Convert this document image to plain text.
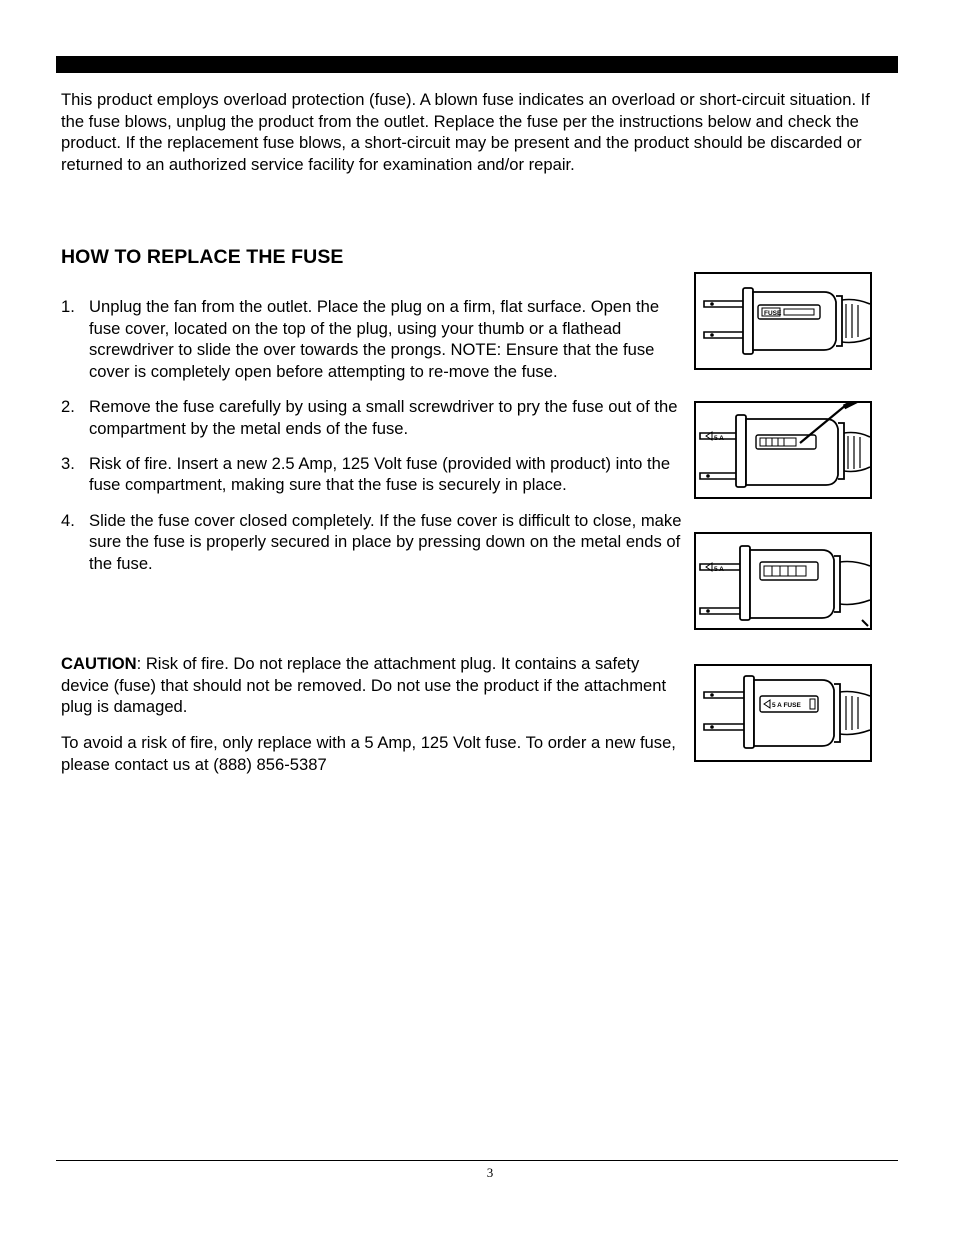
This product employs overload protection (fuse). A blown fuse indicates an overload or short-circuit situation. If the fuse blows, unplug the product from the outlet. Replace the fuse per the instructions below and check the product. If the replacement fuse blows, a short-circuit may be present and the product should be discarded or returned to an authorized service facility for examination and/or repair.

HOW TO REPLACE THE FUSE
1. Unplug the fan from the outlet. Place the plug on a firm, flat surface. Open the fuse cover, located on the top of the plug, using your thumb or a flathead screwdriver to slide the over towards the prongs. NOTE: Ensure that the fuse cover is completely open before attempting to re-move the fuse.
2. Remove the fuse carefully by using a small screwdriver to pry the fuse out of the compartment by the metal ends of the fuse.
3. Risk of fire. Insert a new 2.5 Amp, 125 Volt fuse (provided with product) into the fuse compartment, making sure that the fuse is securely in place.
4. Slide the fuse cover closed completely. If the fuse cover is difficult to close, make sure the fuse is properly secured in place by pressing down on the metal ends of the fuse.

CAUTION: Risk of fire. Do not replace the attachment plug. It contains a safety device (fuse) that should not be removed. Do not use the product if the attachment plug is damaged.

To avoid a risk of fire, only replace with a 5 Amp, 125 Volt fuse. To order a new fuse, please contact us at (888) 856-5387

FUSE
5 A
5 A
5 A FUSE
3
